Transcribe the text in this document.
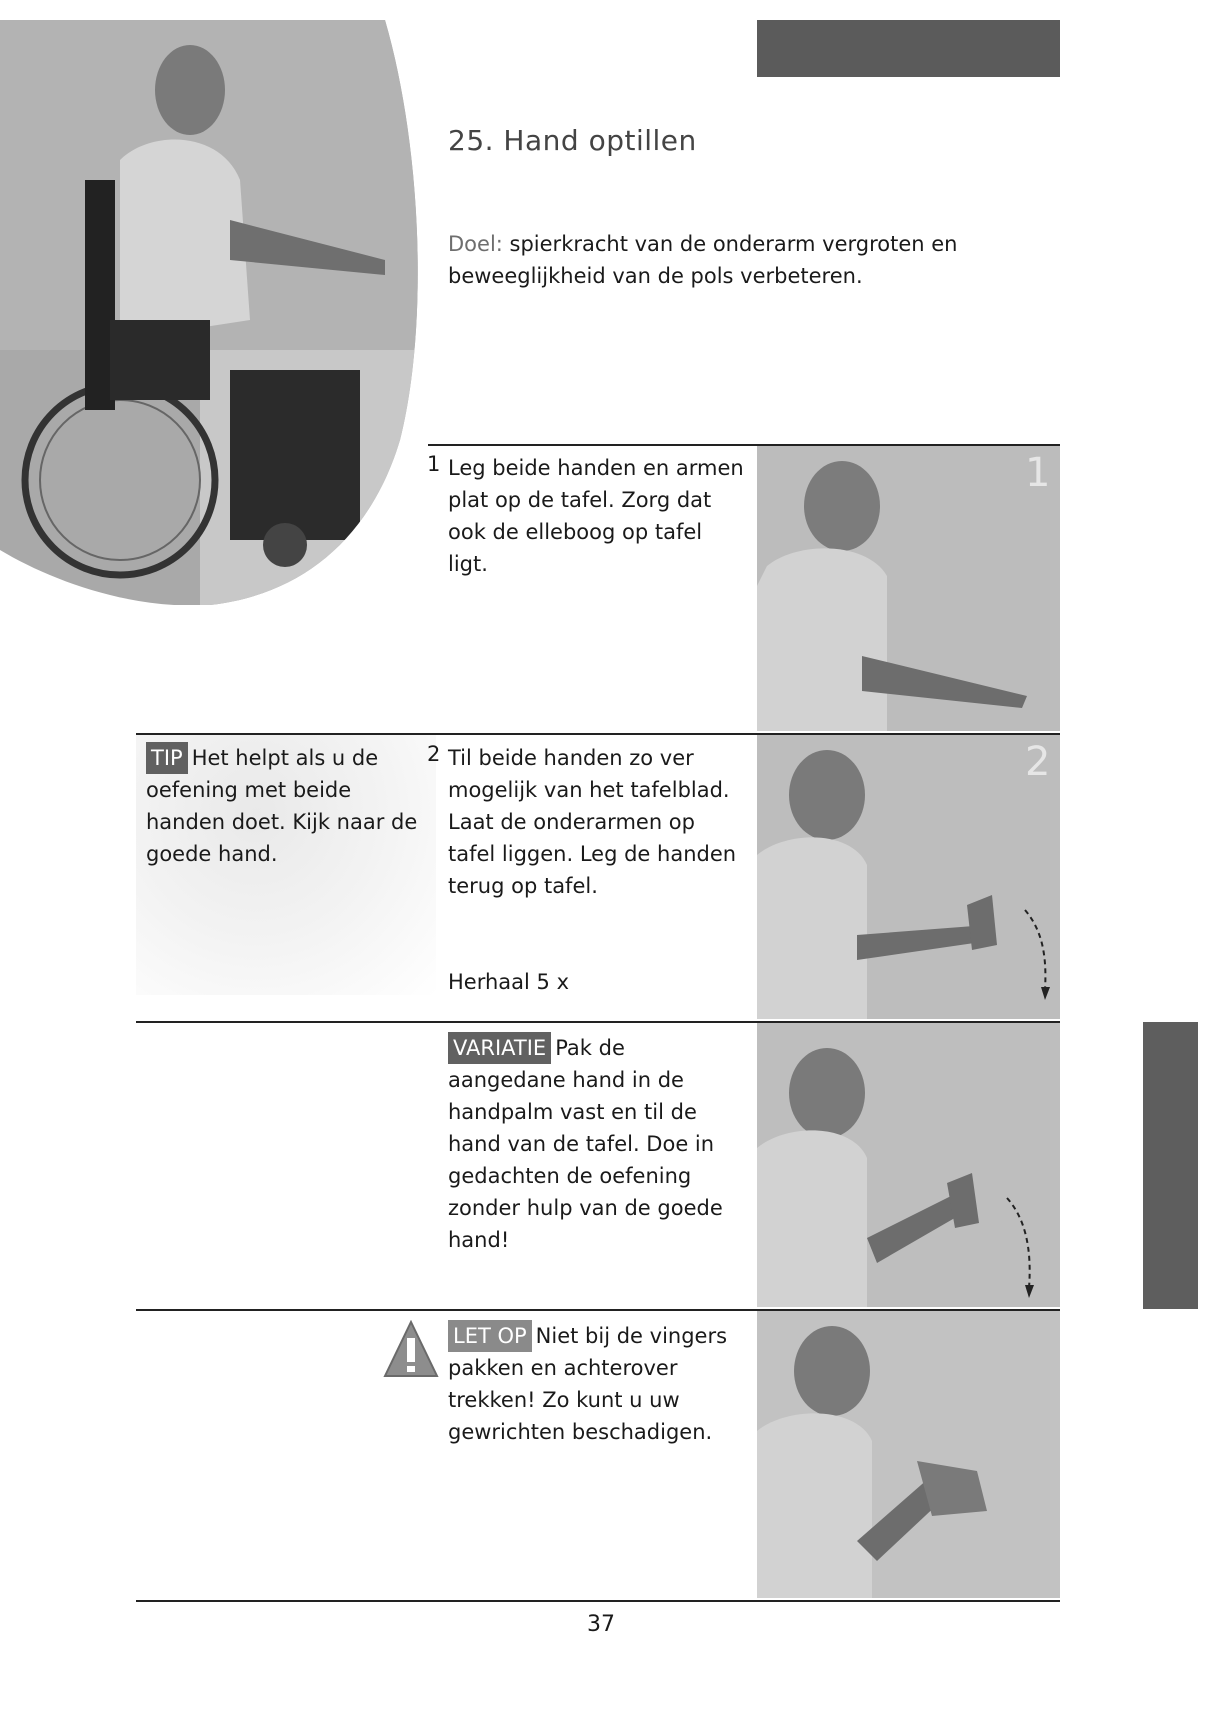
25. Hand optillen
Doel: spierkracht van de onderarm vergroten en beweeglijkheid van de pols verbeteren.
1 Leg beide handen en armen plat op de tafel. Zorg dat ook de elleboog op tafel ligt.
1
TIP Het helpt als u de oefening met beide handen doet. Kijk naar de goede hand.
2 Til beide handen zo ver mogelijk van het tafelblad. Laat de onderarmen op tafel liggen. Leg de handen terug op tafel.
Herhaal 5 x
2
VARIATIE Pak de aangedane hand in de handpalm vast en til de hand van de tafel. Doe in gedachten de oefening zonder hulp van de goede hand!
LET OP Niet bij de vingers pakken en achterover trekken! Zo kunt u uw gewrichten beschadigen.
37
